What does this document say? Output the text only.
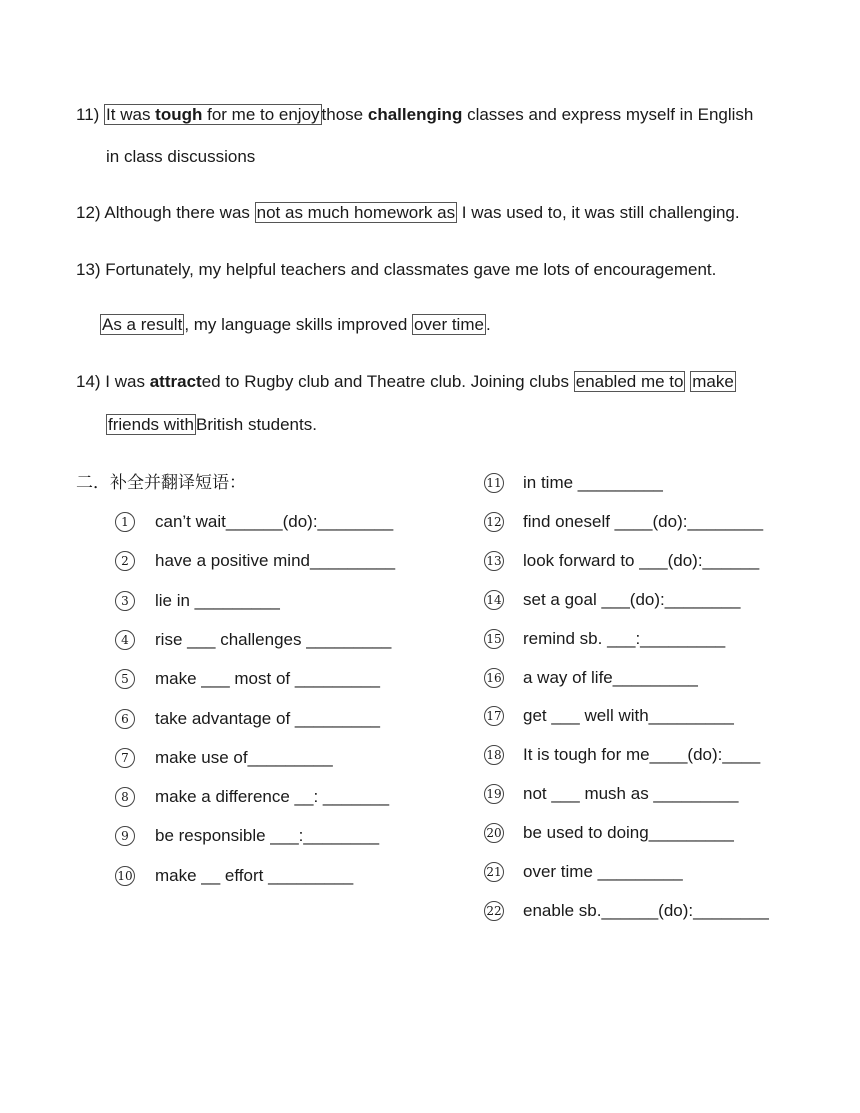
11) It was tough for me to enjoy those challenging classes and express myself in English
in class discussions
12) Although there was not as much homework as I was used to, it was still challenging.
13) Fortunately, my helpful teachers and classmates gave me lots of encouragement.
As a result , my language skills improved over time .
14) I was attracted to Rugby club and Theatre club. Joining clubs enabled me to make
friends with British students.
二．补全并翻译短语：
1	can’t wait______(do):________
2	have a positive mind_________
3	lie in _________
4	rise ___ challenges _________
5	make ___ most of _________
6	take advantage of _________
7	make use of_________
8	make a difference __: _______
9	be responsible ___:________
10 make __ effort _________
11 in time _________
12 find oneself ____(do):________
13 look forward to ___(do):______
14 set a goal ___(do):________
15 remind sb. ___:_________
16 a way of life_________
17 get ___ well with_________
18 It is tough for me____(do):____
19 not ___ mush as _________
20 be used to doing_________
21 over time _________
22 enable sb.______(do):________
